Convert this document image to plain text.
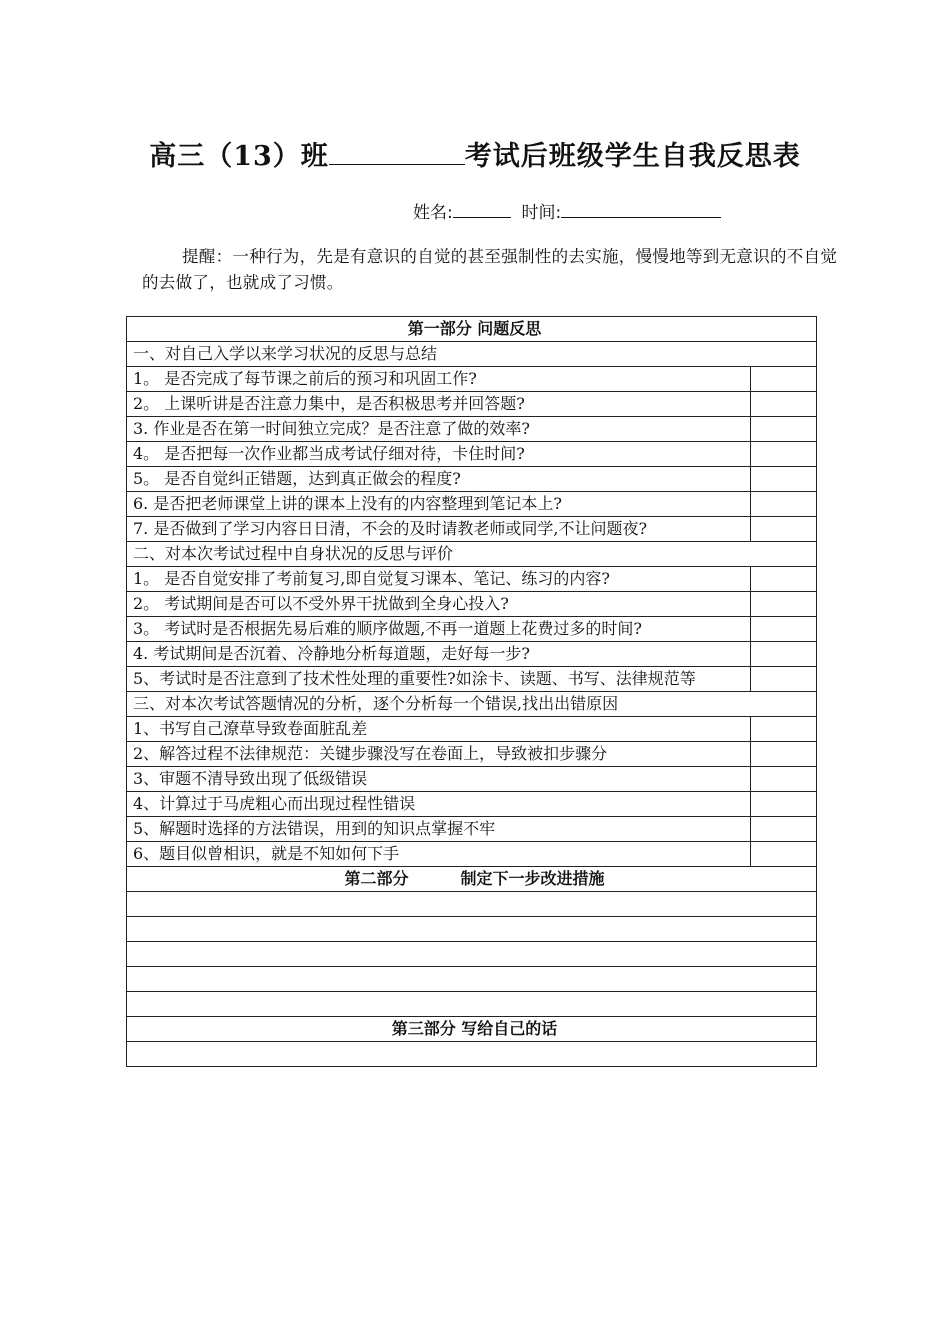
高三（13）班	考试后班级学生自我反思表
姓名:	时间:
提醒：一种行为，先是有意识的自觉的甚至强制性的去实施，慢慢地等到无意识的不自觉的去做了，也就成了习惯。
第一部分 问题反思	
一、对自己入学以来学习状况的反思与总结	
1。 是否完成了每节课之前后的预习和巩固工作?	
2。 上课听讲是否注意力集中，是否积极思考并回答题?	
3. 作业是否在第一时间独立完成？是否注意了做的效率?	
4。 是否把每一次作业都当成考试仔细对待，卡住时间?	
5。 是否自觉纠正错题，达到真正做会的程度?	
6. 是否把老师课堂上讲的课本上没有的内容整理到笔记本上?	
7. 是否做到了学习内容日日清，不会的及时请教老师或同学,不让问题夜?	
二、对本次考试过程中自身状况的反思与评价	
1。 是否自觉安排了考前复习,即自觉复习课本、笔记、练习的内容?	
2。 考试期间是否可以不受外界干扰做到全身心投入?	
3。 考试时是否根据先易后难的顺序做题,不再一道题上花费过多的时间?	
4. 考试期间是否沉着、冷静地分析每道题，走好每一步?	
5、考试时是否注意到了技术性处理的重要性?如涂卡、读题、书写、法律规范等	
三、对本次考试答题情况的分析，逐个分析每一个错误,找出出错原因	
1、书写自己潦草导致卷面脏乱差	
2、解答过程不法律规范：关键步骤没写在卷面上，导致被扣步骤分	
3、审题不清导致出现了低级错误	
4、计算过于马虎粗心而出现过程性错误	
5、解题时选择的方法错误，用到的知识点掌握不牢	
6、题目似曾相识，就是不知如何下手	
第二部分 制定下一步改进措施	

第三部分 写给自己的话	
